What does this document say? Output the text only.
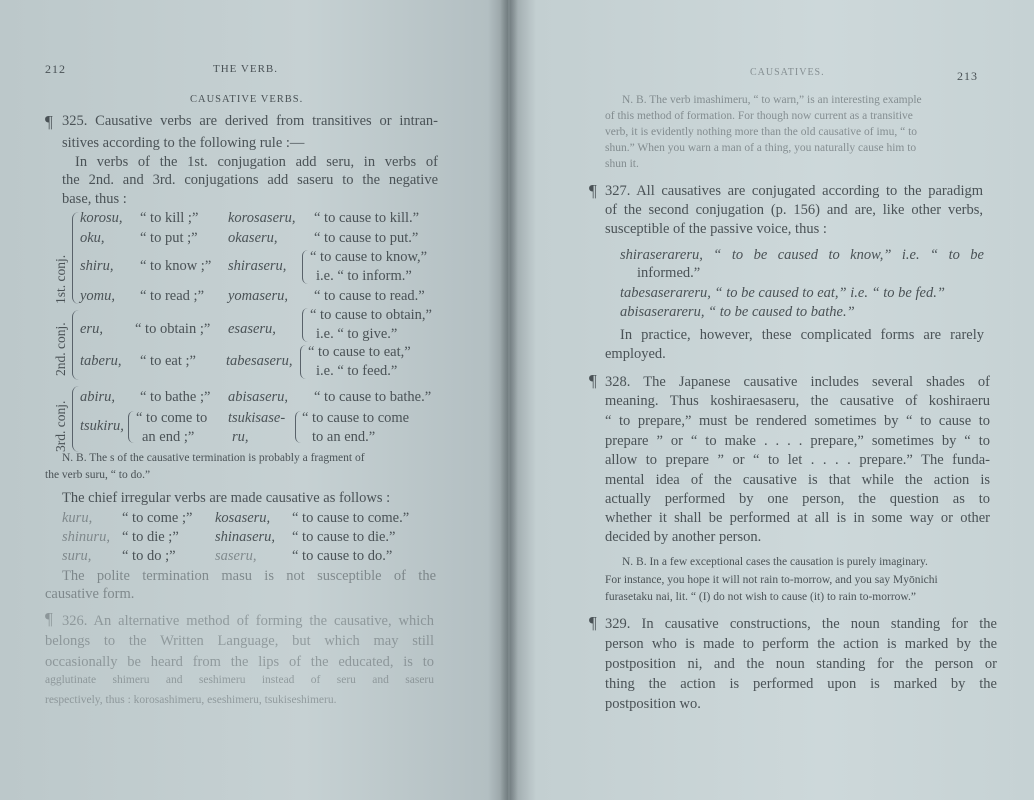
212	THE VERB.
CAUSATIVE VERBS.
¶ 325. Causative verbs are derived from transitives or intran-
sitives according to the following rule :—
In verbs of the 1st. conjugation add seru, in verbs of
the 2nd. and 3rd. conjugations add saseru to the negative
base, thus :
1st. conj.
2nd. conj.
3rd. conj.
korosu, “ to kill ;” korosaseru, “ to cause to kill.”
oku, “ to put ;” okaseru,	“ to cause to put.”
shiru, “ to know ;” shiraseru,
“ to cause to know,”
i.e. “ to inform.”
yomu, “ to read ;” yomaseru, “ to cause to read.”
eru, “ to obtain ;” esaseru,
“ to cause to obtain,”
i.e. “ to give.”
taberu, “ to eat ;” tabesaseru,
“ to cause to eat,”
i.e. “ to feed.”
abiru, “ to bathe ;” abisaseru, “ to cause to bathe.”
tsukiru, “ to come to
an end ;”
tsukisase-
ru,
“ to cause to come
to an end.”
N. B. The s of the causative termination is probably a fragment of
the verb suru, “ to do.”
The chief irregular verbs are made causative as follows :
kuru, “ to come ;” kosaseru, “ to cause to come.”
shinuru, “ to die ;” shinaseru, “ to cause to die.”
suru, “ to do ;”	saseru, “ to cause to do.”
The polite termination masu is not susceptible of the
causative form.
¶ 326. An alternative method of forming the causative, which
belongs to the Written Language, but which may still
occasionally be heard from the lips of the educated, is to
agglutinate shimeru and seshimeru instead of seru and saseru
respectively, thus : korosashimeru, eseshimeru, tsukiseshimeru.
CAUSATIVES.	213
N. B. The verb imashimeru, “ to warn,” is an interesting example
of this method of formation. For though now current as a transitive
verb, it is evidently nothing more than the old causative of imu, “ to
shun.” When you warn a man of a thing, you naturally cause him to
shun it.
¶ 327. All causatives are conjugated according to the paradigm
of the second conjugation (p. 156) and are, like other verbs,
susceptible of the passive voice, thus :
shiraserareru, “ to be caused to know,” i.e. “ to be
informed.”
tabesaserareru, “ to be caused to eat,” i.e. “ to be fed.”
abisaserareru, “ to be caused to bathe.”
In practice, however, these complicated forms are rarely
employed.
¶ 328. The Japanese causative includes several shades of
meaning. Thus koshiraesaseru, the causative of koshiraeru
“ to prepare,” must be rendered sometimes by “ to cause to
prepare ” or “ to make . . . . prepare,” sometimes by “ to
allow to prepare ” or “ to let . . . . prepare.” The funda-
mental idea of the causative is that while the action is
actually performed by one person, the question as to
whether it shall be performed at all is in some way or other
decided by another person.
N. B. In a few exceptional cases the causation is purely imaginary.
For instance, you hope it will not rain to-morrow, and you say Myōnichi
furasetaku nai, lit. “ (I) do not wish to cause (it) to rain to-morrow.”
¶ 329. In causative constructions, the noun standing for the
person who is made to perform the action is marked by the
postposition ni, and the noun standing for the person or
thing the action is performed upon is marked by the
postposition wo.
